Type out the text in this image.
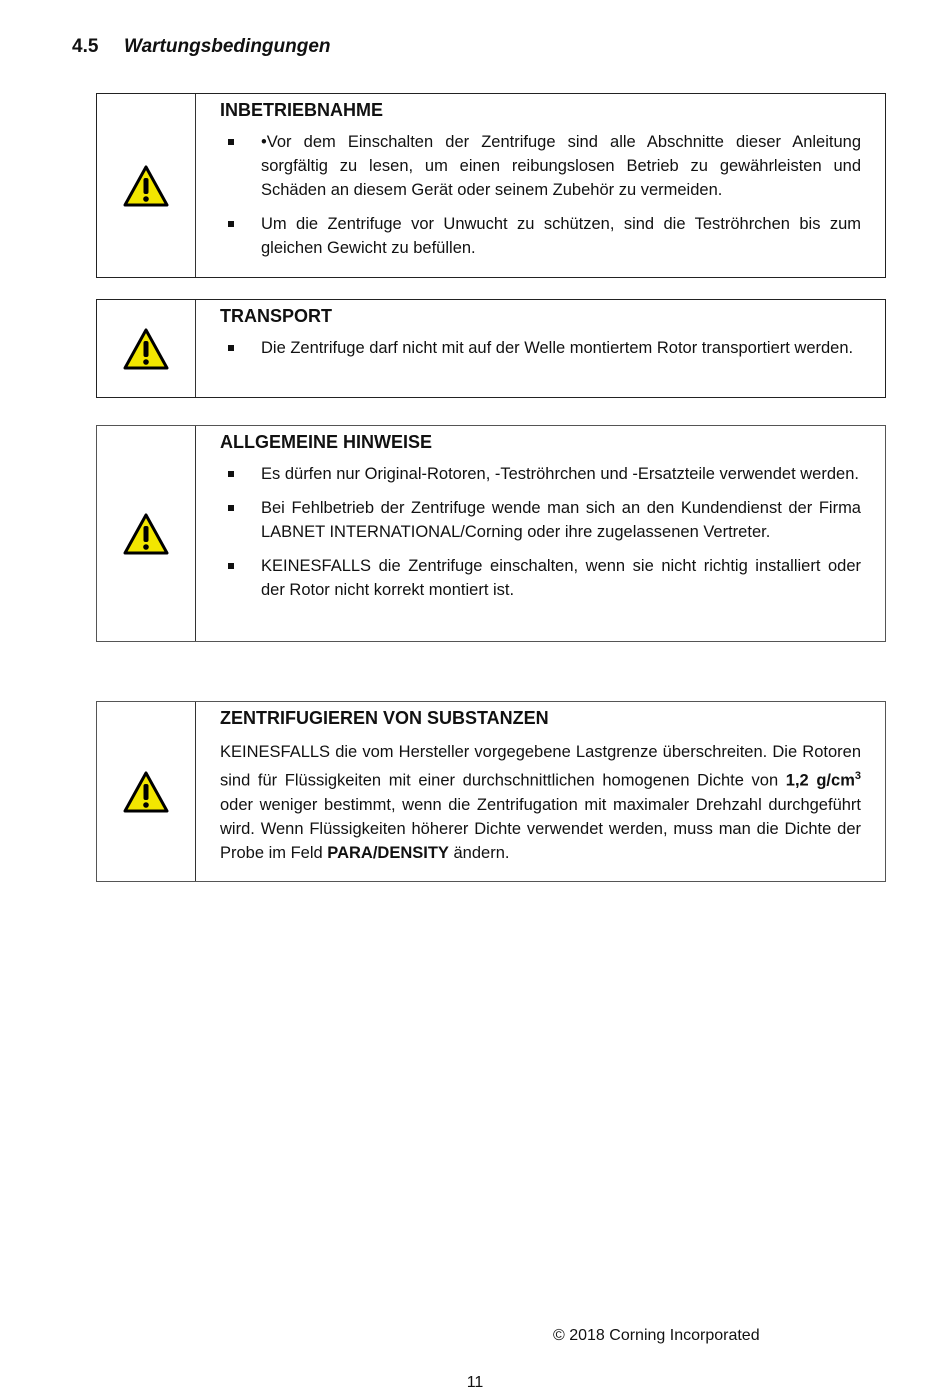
4.5 Wartungsbedingungen
INBETRIEBNAHME
•Vor dem Einschalten der Zentrifuge sind alle Abschnitte dieser Anleitung sorgfältig zu lesen, um einen reibungslosen Betrieb zu gewährleisten und Schäden an diesem Gerät oder seinem Zubehör zu vermeiden.
Um die Zentrifuge vor Unwucht zu schützen, sind die Teströhrchen bis zum gleichen Gewicht zu befüllen.
TRANSPORT
Die Zentrifuge darf nicht mit auf der Welle montiertem Rotor transportiert werden.
ALLGEMEINE HINWEISE
Es dürfen nur Original-Rotoren, -Teströhrchen und -Ersatzteile verwendet werden.
Bei Fehlbetrieb der Zentrifuge wende man sich an den Kundendienst der Firma LABNET INTERNATIONAL/Corning oder ihre zugelassenen Vertreter.
KEINESFALLS die Zentrifuge einschalten, wenn sie nicht richtig installiert oder der Rotor nicht korrekt montiert ist.
ZENTRIFUGIEREN VON SUBSTANZEN

KEINESFALLS die vom Hersteller vorgegebene Lastgrenze überschreiten. Die Rotoren sind für Flüssigkeiten mit einer durchschnittlichen homogenen Dichte von 1,2 $g/cm^3$ oder weniger bestimmt, wenn die Zentrifugation mit maximaler Drehzahl durchgeführt wird. Wenn Flüssigkeiten höherer Dichte verwendet werden, muss man die Dichte der Probe im Feld PARA/DENSITY ändern.

© 2018 Corning Incorporated
11
